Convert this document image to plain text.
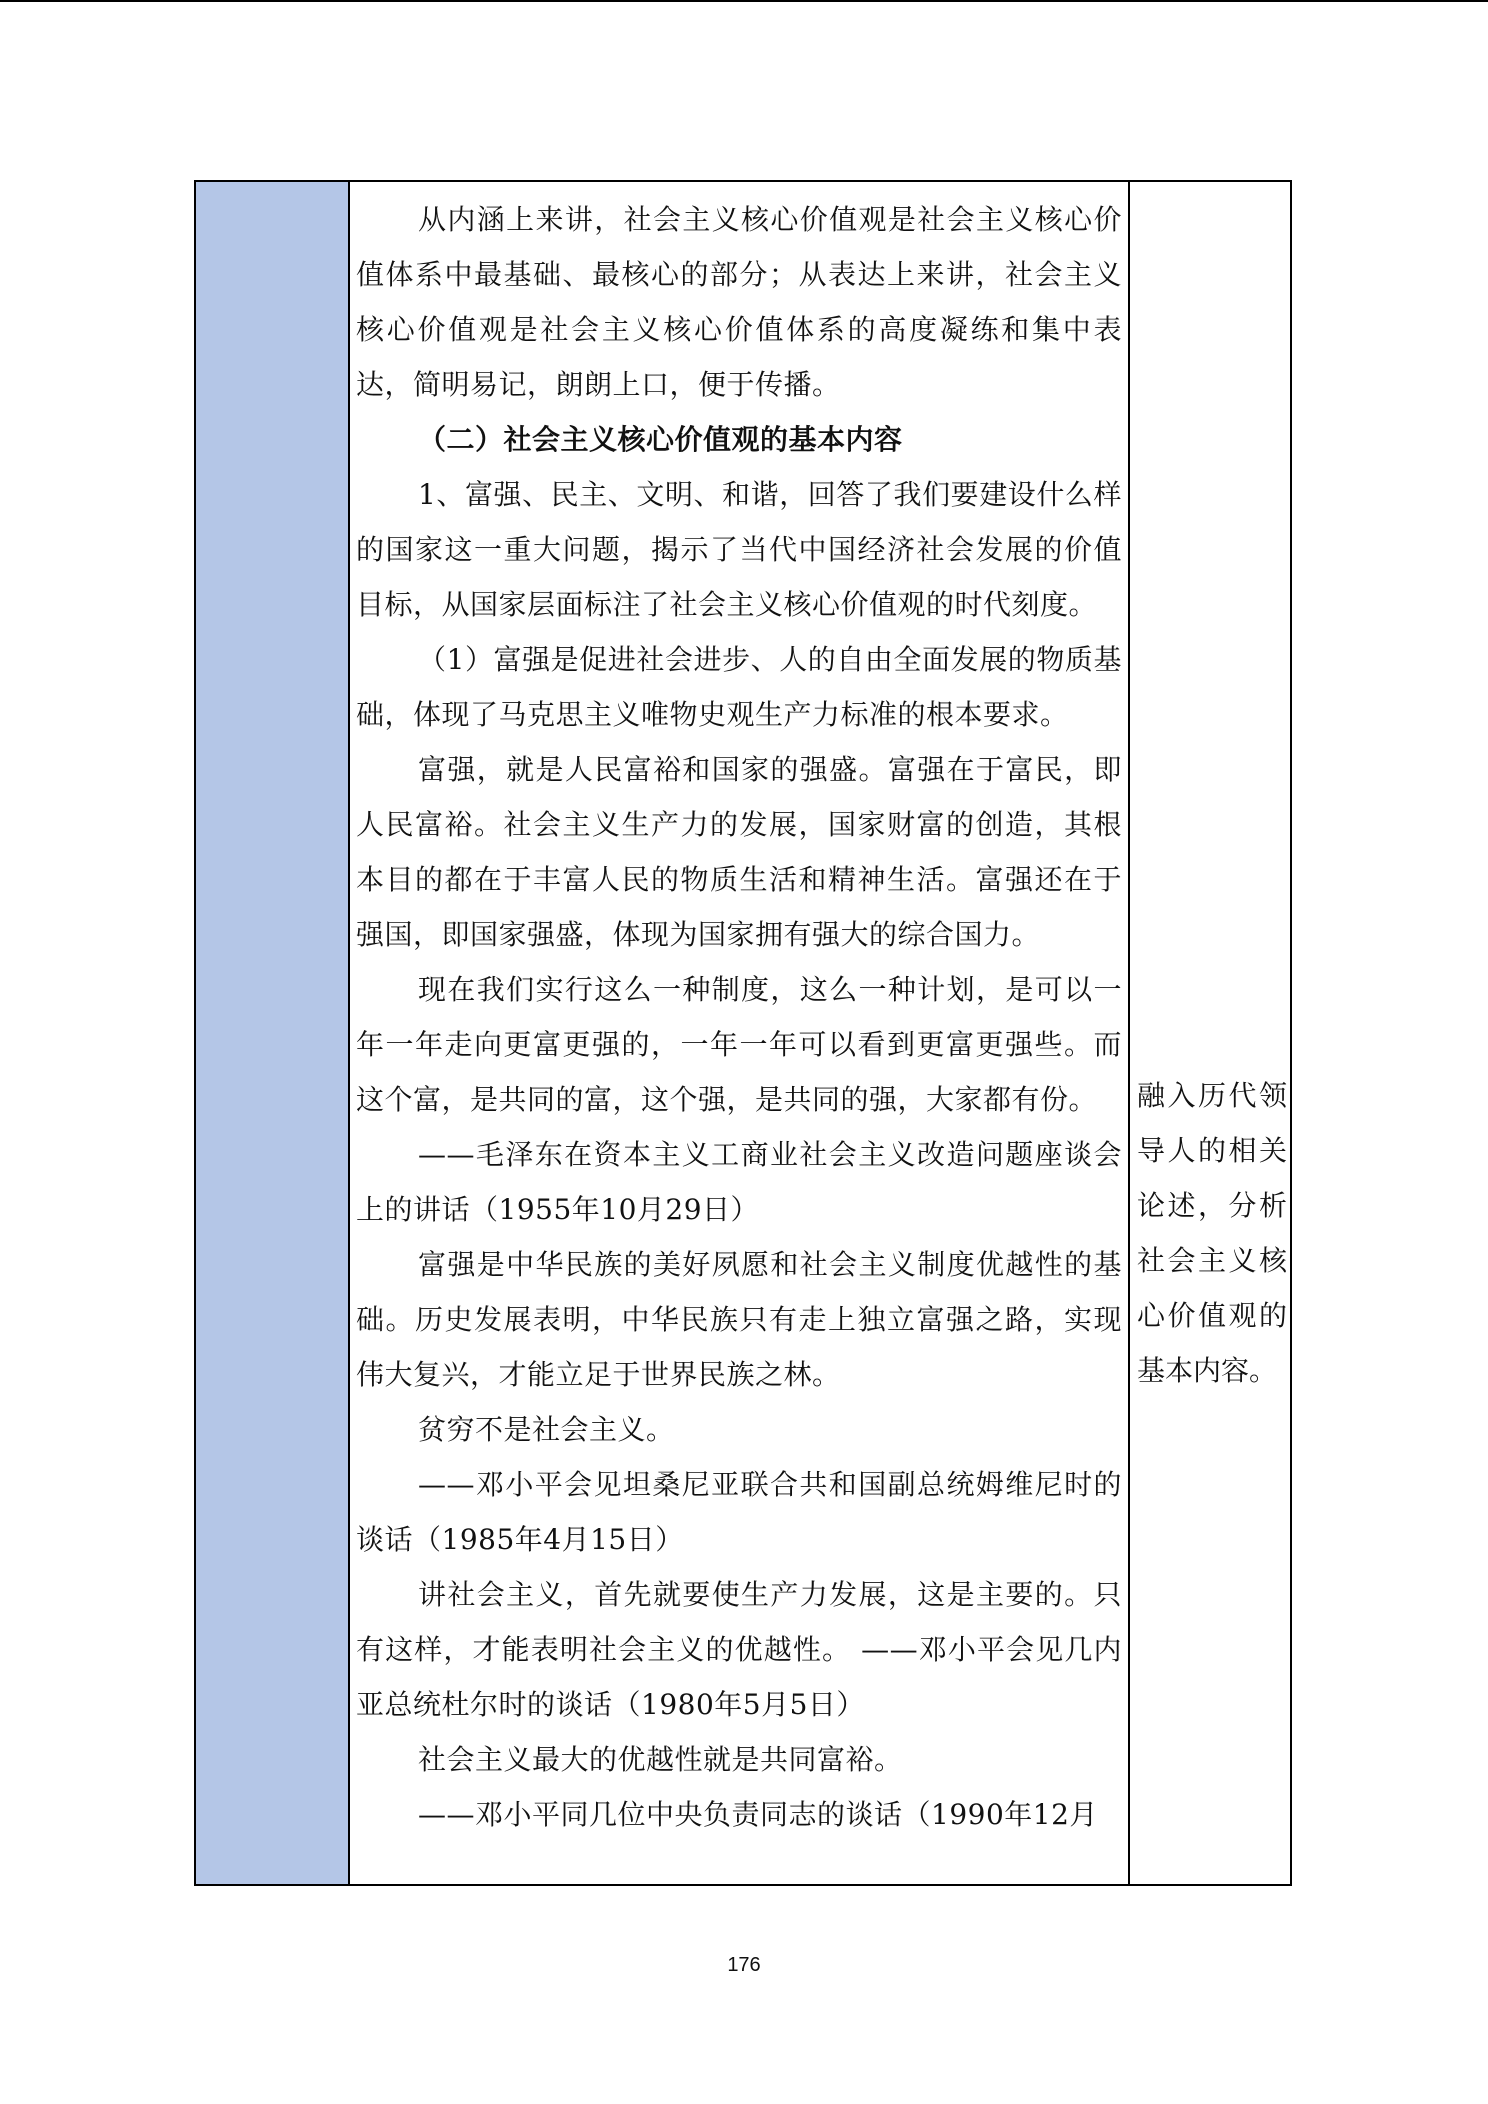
从内涵上来讲，社会主义核心价值观是社会主义核心价值体系中最基础、最核心的部分；从表达上来讲，社会主义核心价值观是社会主义核心价值体系的高度凝练和集中表达，简明易记，朗朗上口，便于传播。

（二）社会主义核心价值观的基本内容

1、富强、民主、文明、和谐，回答了我们要建设什么样的国家这一重大问题，揭示了当代中国经济社会发展的价值目标，从国家层面标注了社会主义核心价值观的时代刻度。

（1）富强是促进社会进步、人的自由全面发展的物质基础，体现了马克思主义唯物史观生产力标准的根本要求。

富强，就是人民富裕和国家的强盛。富强在于富民，即人民富裕。社会主义生产力的发展，国家财富的创造，其根本目的都在于丰富人民的物质生活和精神生活。富强还在于强国，即国家强盛，体现为国家拥有强大的综合国力。

现在我们实行这么一种制度，这么一种计划，是可以一年一年走向更富更强的，一年一年可以看到更富更强些。而这个富，是共同的富，这个强，是共同的强，大家都有份。

——毛泽东在资本主义工商业社会主义改造问题座谈会上的讲话（1955年10月29日）

富强是中华民族的美好夙愿和社会主义制度优越性的基础。历史发展表明，中华民族只有走上独立富强之路，实现伟大复兴，才能立足于世界民族之林。

贫穷不是社会主义。

——邓小平会见坦桑尼亚联合共和国副总统姆维尼时的谈话（1985年4月15日）

讲社会主义，首先就要使生产力发展，这是主要的。只有这样，才能表明社会主义的优越性。 ——邓小平会见几内亚总统杜尔时的谈话（1980年5月5日）

社会主义最大的优越性就是共同富裕。

——邓小平同几位中央负责同志的谈话（1990年12月

融入历代领导人的相关论述，分析社会主义核心价值观的基本内容。
176
